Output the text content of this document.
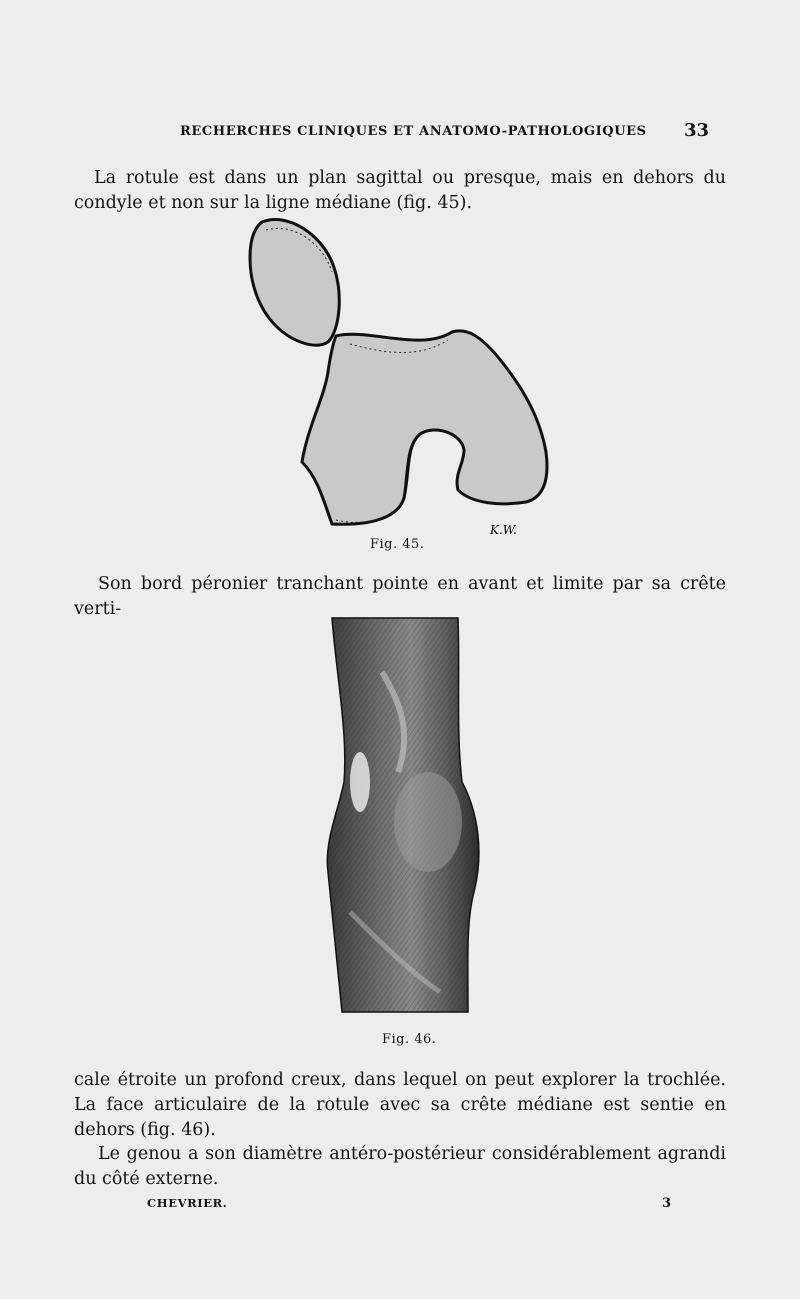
RECHERCHES CLINIQUES ET ANATOMO-PATHOLOGIQUES 33
La rotule est dans un plan sagittal ou presque, mais en dehors du condyle et non sur la ligne médiane (fig. 45).
K.W.
Fig. 45.
Son bord péronier tranchant pointe en avant et limite par sa crête verti-
Fig. 46.
cale étroite un profond creux, dans lequel on peut explorer la trochlée. La face articulaire de la rotule avec sa crête médiane est sentie en dehors (fig. 46).
Le genou a son diamètre antéro-postérieur considérablement agrandi du côté externe.
CHEVRIER.	3
